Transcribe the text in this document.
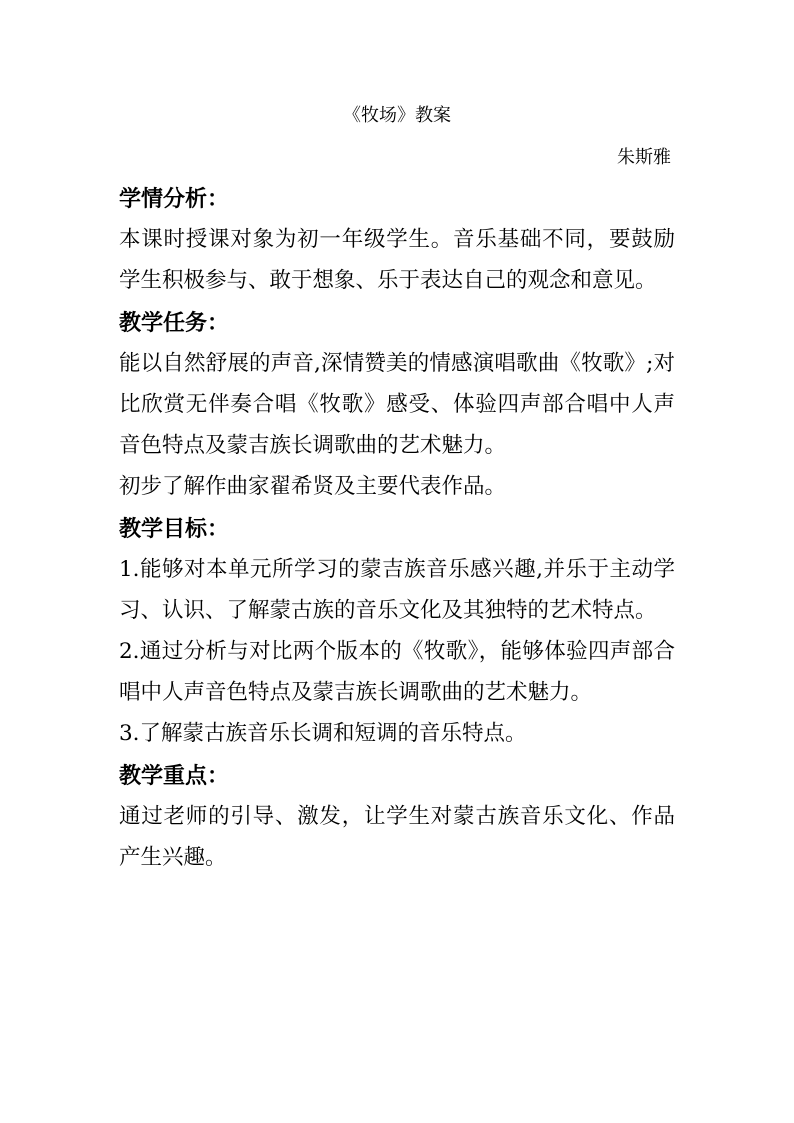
《牧场》教案
朱斯雅

学情分析：

本课时授课对象为初一年级学生。音乐基础不同，要鼓励学生积极参与、敢于想象、乐于表达自己的观念和意见。

教学任务：

能以自然舒展的声音,深情赞美的情感演唱歌曲《牧歌》;对比欣赏无伴奏合唱《牧歌》感受、体验四声部合唱中人声音色特点及蒙吉族长调歌曲的艺术魅力。

初步了解作曲家翟希贤及主要代表作品。

教学目标：

1.能够对本单元所学习的蒙吉族音乐感兴趣,并乐于主动学习、认识、了解蒙古族的音乐文化及其独特的艺术特点。

2.通过分析与对比两个版本的《牧歌》，能够体验四声部合唱中人声音色特点及蒙吉族长调歌曲的艺术魅力。

3.了解蒙古族音乐长调和短调的音乐特点。

教学重点：

通过老师的引导、激发，让学生对蒙古族音乐文化、作品产生兴趣。
